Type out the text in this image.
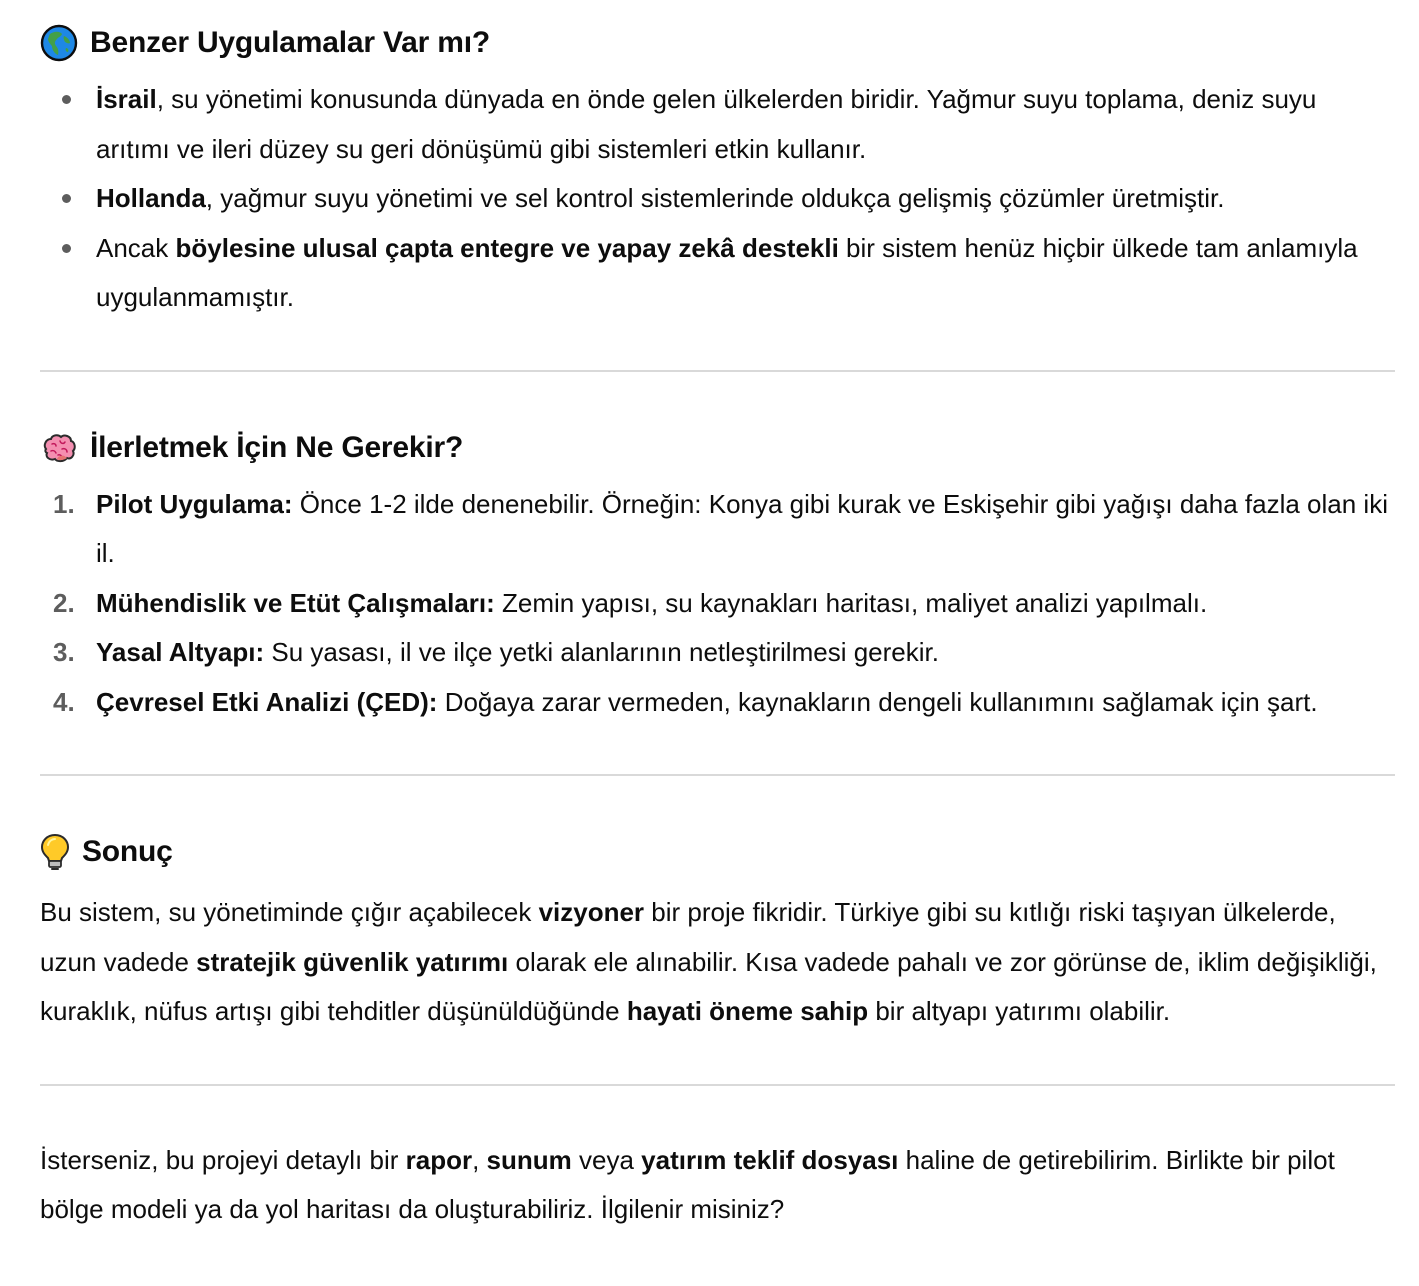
Benzer Uygulamalar Var mı?
İsrail, su yönetimi konusunda dünyada en önde gelen ülkelerden biridir. Yağmur suyu toplama, deniz suyu arıtımı ve ileri düzey su geri dönüşümü gibi sistemleri etkin kullanır.
Hollanda, yağmur suyu yönetimi ve sel kontrol sistemlerinde oldukça gelişmiş çözümler üretmiştir.
Ancak böylesine ulusal çapta entegre ve yapay zekâ destekli bir sistem henüz hiçbir ülkede tam anlamıyla uygulanmamıştır.
İlerletmek İçin Ne Gerekir?
1. Pilot Uygulama: Önce 1-2 ilde denenebilir. Örneğin: Konya gibi kurak ve Eskişehir gibi yağışı daha fazla olan iki il.
2. Mühendislik ve Etüt Çalışmaları: Zemin yapısı, su kaynakları haritası, maliyet analizi yapılmalı.
3. Yasal Altyapı: Su yasası, il ve ilçe yetki alanlarının netleştirilmesi gerekir.
4. Çevresel Etki Analizi (ÇED): Doğaya zarar vermeden, kaynakların dengeli kullanımını sağlamak için şart.
Sonuç

Bu sistem, su yönetiminde çığır açabilecek vizyoner bir proje fikridir. Türkiye gibi su kıtlığı riski taşıyan ülkelerde, uzun vadede stratejik güvenlik yatırımı olarak ele alınabilir. Kısa vadede pahalı ve zor görünse de, iklim değişikliği, kuraklık, nüfus artışı gibi tehditler düşünüldüğünde hayati öneme sahip bir altyapı yatırımı olabilir.

İsterseniz, bu projeyi detaylı bir rapor, sunum veya yatırım teklif dosyası haline de getirebilirim. Birlikte bir pilot bölge modeli ya da yol haritası da oluşturabiliriz. İlgilenir misiniz?
